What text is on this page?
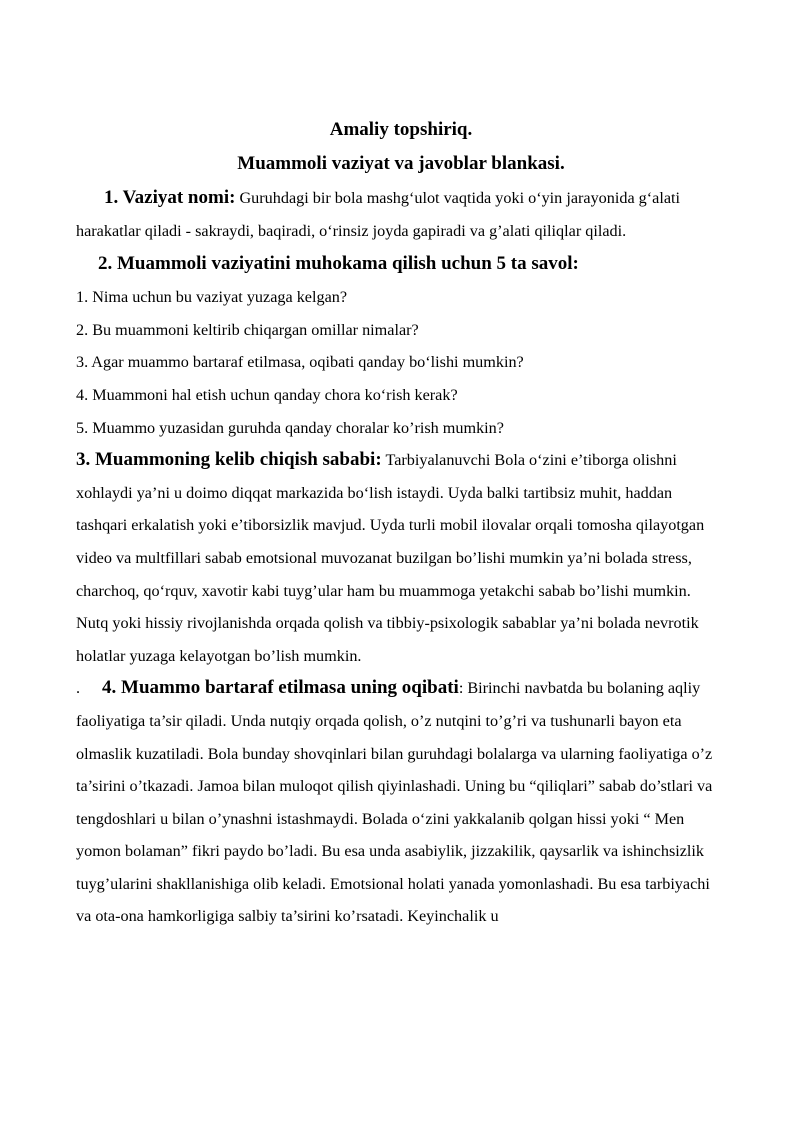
Amaliy topshiriq.

Muammoli vaziyat va javoblar blankasi.

1. Vaziyat nomi: Guruhdagi bir bola mashg‘ulot vaqtida yoki o‘yin jarayonida g‘alati harakatlar qiladi - sakraydi, baqiradi, o‘rinsiz joyda gapiradi va g’alati qiliqlar qiladi.

2. Muammoli vaziyatini muhokama qilish uchun 5 ta savol:

1. Nima uchun bu vaziyat yuzaga kelgan?
2. Bu muammoni keltirib chiqargan omillar nimalar?
3. Agar muammo bartaraf etilmasa, oqibati qanday bo‘lishi mumkin?
4. Muammoni hal etish uchun qanday chora ko‘rish kerak?
5. Muammo yuzasidan guruhda qanday choralar ko’rish mumkin?

3. Muammoning kelib chiqish sababi: Tarbiyalanuvchi Bola o‘zini e’tiborga olishni xohlaydi ya’ni u doimo diqqat markazida bo‘lish istaydi. Uyda balki tartibsiz muhit, haddan tashqari erkalatish yoki e’tiborsizlik mavjud. Uyda turli mobil ilovalar orqali tomosha qilayotgan video va multfillari sabab emotsional muvozanat buzilgan bo’lishi mumkin ya’ni bolada stress, charchoq, qo‘rquv, xavotir kabi tuyg’ular ham bu muammoga yetakchi sabab bo’lishi mumkin. Nutq yoki hissiy rivojlanishda orqada qolish va tibbiy-psixologik sabablar ya’ni bolada nevrotik holatlar yuzaga kelayotgan bo’lish mumkin.

. 4. Muammo bartaraf etilmasa uning oqibati: Birinchi navbatda bu bolaning aqliy faoliyatiga ta’sir qiladi. Unda nutqiy orqada qolish, o’z nutqini to’g’ri va tushunarli bayon eta olmaslik kuzatiladi. Bola bunday shovqinlari bilan guruhdagi bolalarga va ularning faoliyatiga o’z ta’sirini o’tkazadi. Jamoa bilan muloqot qilish qiyinlashadi. Uning bu “qiliqlari” sabab do’stlari va tengdoshlari u bilan o’ynashni istashmaydi. Bolada o‘zini yakkalanib qolgan hissi yoki “ Men yomon bolaman” fikri paydo bo’ladi. Bu esa unda asabiylik, jizzakilik, qaysarlik va ishinchsizlik tuyg’ularini shakllanishiga olib keladi. Emotsional holati yanada yomonlashadi. Bu esa tarbiyachi va ota-ona hamkorligiga salbiy ta’sirini ko’rsatadi. Keyinchalik u
